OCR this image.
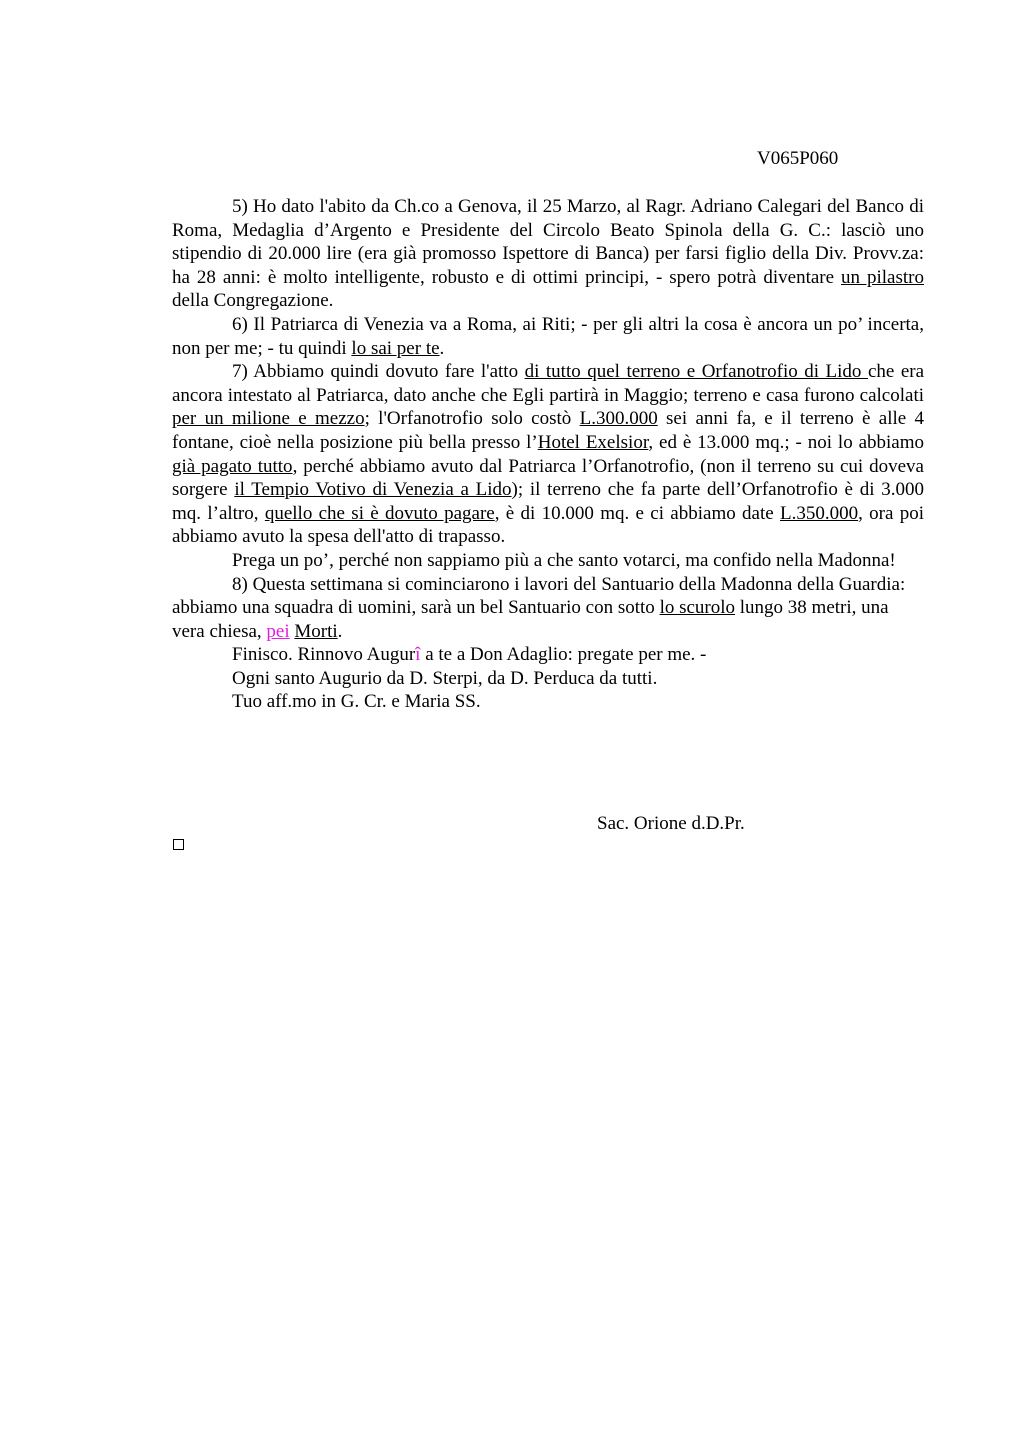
V065P060

5) Ho dato l'abito da Ch.co a Genova, il 25 Marzo, al Ragr. Adriano Calegari del Banco di Roma, Medaglia d’Argento e Presidente del Circolo Beato Spinola della G. C.: lasciò uno stipendio di 20.000 lire (era già promosso Ispettore di Banca) per farsi figlio della Div. Provv.za: ha 28 anni: è molto intelligente, robusto e di ottimi principi, - spero potrà diventare un pilastro della Congregazione.

6) Il Patriarca di Venezia va a Roma, ai Riti; - per gli altri la cosa è ancora un po’ incerta, non per me; - tu quindi lo sai per te.

7) Abbiamo quindi dovuto fare l'atto di tutto quel terreno e Orfanotrofio di Lido che era ancora intestato al Patriarca, dato anche che Egli partirà in Maggio; terreno e casa furono calcolati per un milione e mezzo; l'Orfanotrofio solo costò L.300.000 sei anni fa, e il terreno è alle 4 fontane, cioè nella posizione più bella presso l’Hotel Exelsior, ed è 13.000 mq.; - noi lo abbiamo già pagato tutto, perché abbiamo avuto dal Patriarca l’Orfanotrofio, (non il terreno su cui doveva sorgere il Tempio Votivo di Venezia a Lido); il terreno che fa parte dell’Orfanotrofio è di 3.000 mq. l’altro, quello che si è dovuto pagare, è di 10.000 mq. e ci abbiamo date L.350.000, ora poi abbiamo avuto la spesa dell'atto di trapasso.

Prega un po’, perché non sappiamo più a che santo votarci, ma confido nella Madonna!

8) Questa settimana si cominciarono i lavori del Santuario della Madonna della Guardia: abbiamo una squadra di uomini, sarà un bel Santuario con sotto lo scurolo lungo 38 metri, una vera chiesa, pei Morti.

Finisco. Rinnovo Augurî a te a Don Adaglio: pregate per me. -

Ogni santo Augurio da D. Sterpi, da D. Perduca da tutti.

Tuo aff.mo in G. Cr. e Maria SS.

Sac. Orione d.D.Pr.
